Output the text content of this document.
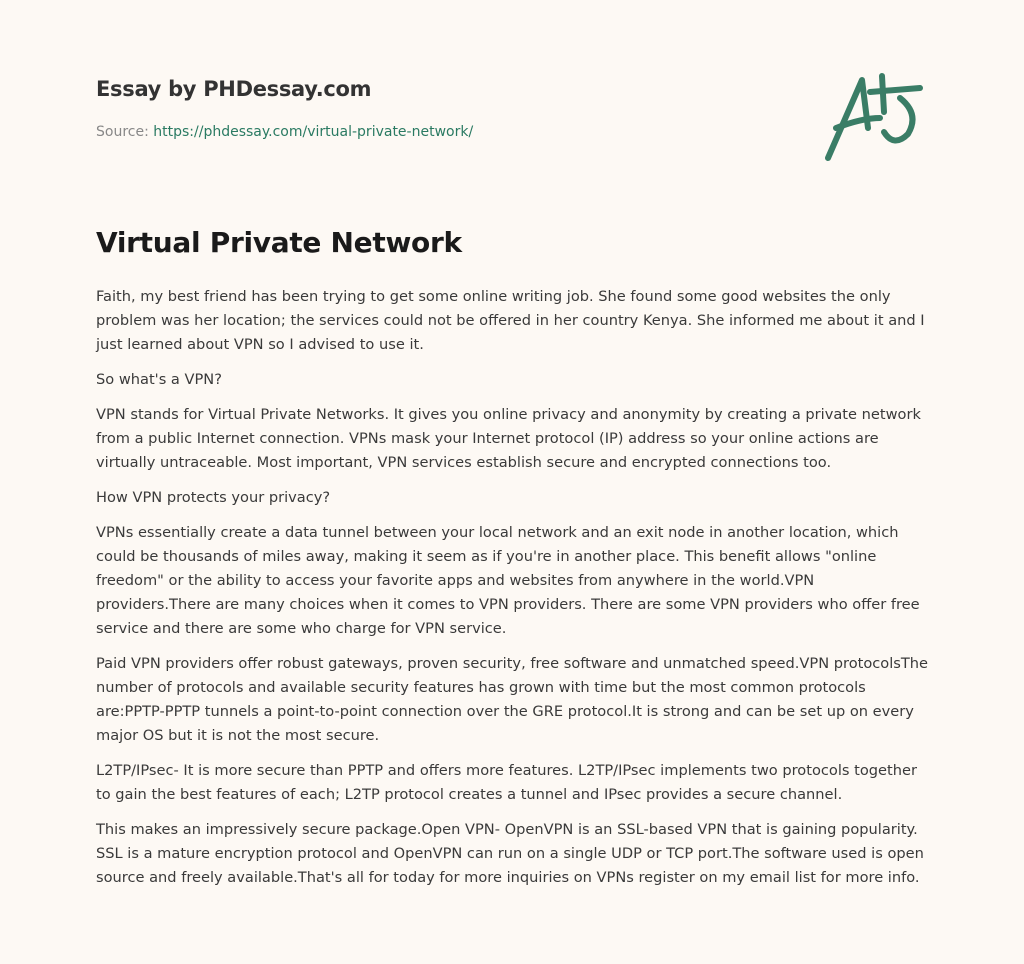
Essay by PHDessay.com
Source: https://phdessay.com/virtual-private-network/
Virtual Private Network

Faith, my best friend has been trying to get some online writing job. She found some good websites the only problem was her location; the services could not be offered in her country Kenya. She informed me about it and I just learned about VPN so I advised to use it.

So what's a VPN?

VPN stands for Virtual Private Networks. It gives you online privacy and anonymity by creating a private network from a public Internet connection. VPNs mask your Internet protocol (IP) address so your online actions are virtually untraceable. Most important, VPN services establish secure and encrypted connections too.

How VPN protects your privacy?

VPNs essentially create a data tunnel between your local network and an exit node in another location, which could be thousands of miles away, making it seem as if you're in another place. This benefit allows "online freedom" or the ability to access your favorite apps and websites from anywhere in the world.VPN providers.There are many choices when it comes to VPN providers. There are some VPN providers who offer free service and there are some who charge for VPN service.

Paid VPN providers offer robust gateways, proven security, free software and unmatched speed.VPN protocolsThe number of protocols and available security features has grown with time but the most common protocols are:PPTP-PPTP tunnels a point-to-point connection over the GRE protocol.It is strong and can be set up on every major OS but it is not the most secure.

L2TP/IPsec- It is more secure than PPTP and offers more features. L2TP/IPsec implements two protocols together to gain the best features of each; L2TP protocol creates a tunnel and IPsec provides a secure channel.

This makes an impressively secure package.Open VPN- OpenVPN is an SSL-based VPN that is gaining popularity. SSL is a mature encryption protocol and OpenVPN can run on a single UDP or TCP port.The software used is open source and freely available.That's all for today for more inquiries on VPNs register on my email list for more info.
